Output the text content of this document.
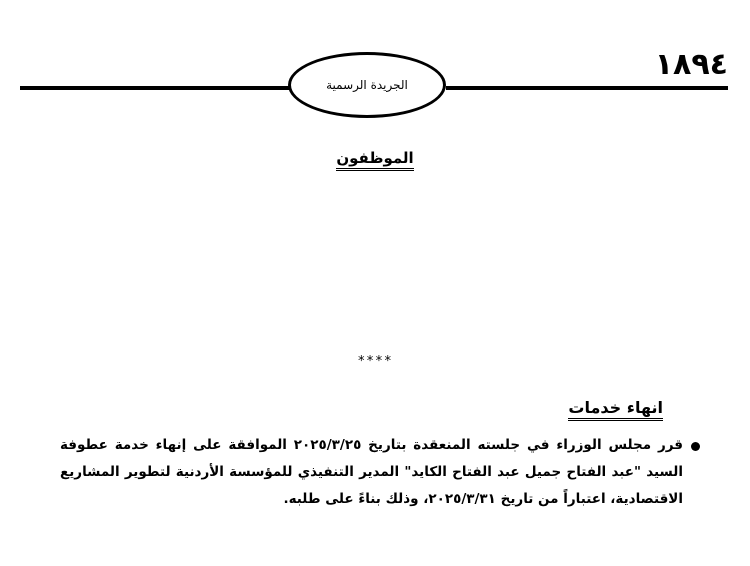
الجريدة الرسمية
١٨٩٤
الموظفون
****
انهاء خدمات
قرر مجلس الوزراء في جلسته المنعقدة بتاريخ ٢٠٢٥/٣/٢٥ الموافقة على إنهاء خدمة عطوفة السيد "عبد الفتاح جميل عبد الفتاح الكايد" المدير التنفيذي للمؤسسة الأردنية لتطوير المشاريع الاقتصادية، اعتباراً من تاريخ ٢٠٢٥/٣/٣١، وذلك بناءً على طلبه.
